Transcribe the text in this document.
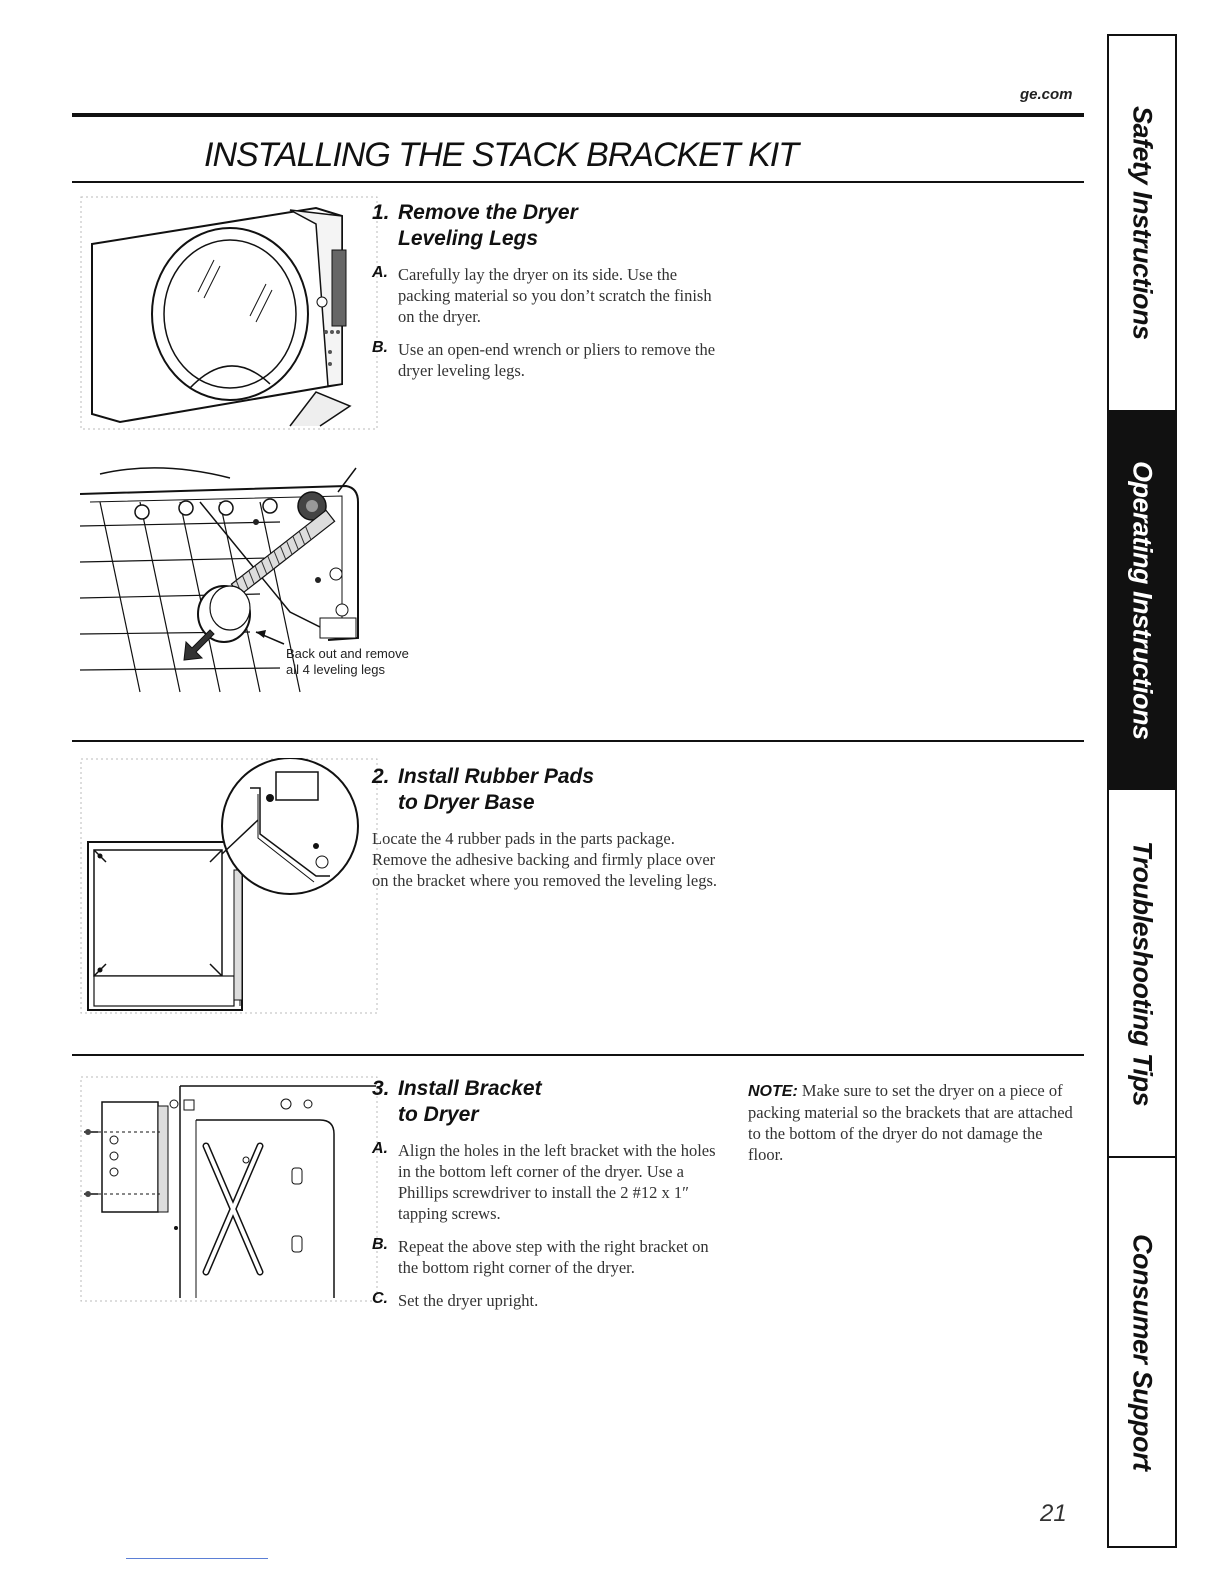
ge.com
INSTALLING THE STACK BRACKET KIT
1. Remove the Dryer
Leveling Legs
A. Carefully lay the dryer on its side. Use the packing material so you don’t scratch the finish on the dryer.

B. Use an open-end wrench or pliers to remove the dryer leveling legs.

Back out and remove
all 4 leveling legs
2. Install Rubber Pads
to Dryer Base

Locate the 4 rubber pads in the parts package. Remove the adhesive backing and firmly place over on the bracket where you removed the leveling legs.

3. Install Bracket
to Dryer
A. Align the holes in the left bracket with the holes in the bottom left corner of the dryer. Use a Phillips screwdriver to install the 2 #12 x 1″ tapping screws.

B. Repeat the above step with the right bracket on the bottom right corner of the dryer.

C. Set the dryer upright.

NOTE: Make sure to set the dryer on a piece of packing material so the brackets that are attached to the bottom of the dryer do not damage the floor.

Safety Instructions
Operating Instructions
Troubleshooting Tips
Consumer Support
21
